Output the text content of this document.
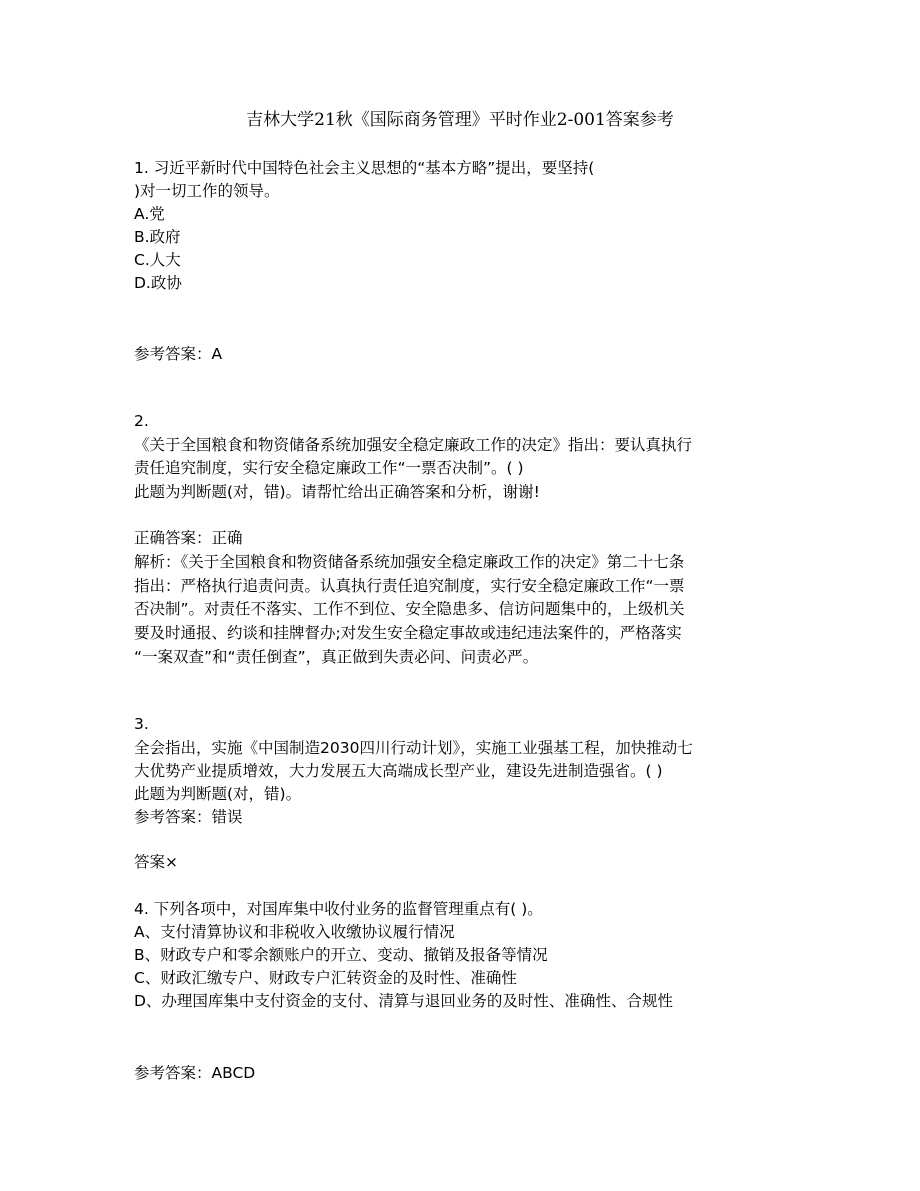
吉林大学21秋《国际商务管理》平时作业2-001答案参考
1. 习近平新时代中国特色社会主义思想的“基本方略”提出，要坚持(
)对一切工作的领导。
A.党
B.政府
C.人大
D.政协
参考答案：A
2.
《关于全国粮食和物资储备系统加强安全稳定廉政工作的决定》指出：要认真执行
责任追究制度，实行安全稳定廉政工作“一票否决制”。( )
此题为判断题(对，错)。请帮忙给出正确答案和分析，谢谢!
正确答案：正确
解析：《关于全国粮食和物资储备系统加强安全稳定廉政工作的决定》第二十七条
指出：严格执行追责问责。认真执行责任追究制度，实行安全稳定廉政工作“一票
否决制”。对责任不落实、工作不到位、安全隐患多、信访问题集中的，上级机关
要及时通报、约谈和挂牌督办;对发生安全稳定事故或违纪违法案件的，严格落实
“一案双查”和“责任倒查”，真正做到失责必问、问责必严。
3.
全会指出，实施《中国制造2030四川行动计划》，实施工业强基工程，加快推动七
大优势产业提质增效，大力发展五大高端成长型产业，建设先进制造强省。( )
此题为判断题(对，错)。
参考答案：错误
答案×
4. 下列各项中，对国库集中收付业务的监督管理重点有( )。
A、支付清算协议和非税收入收缴协议履行情况
B、财政专户和零余额账户的开立、变动、撤销及报备等情况
C、财政汇缴专户、财政专户汇转资金的及时性、准确性
D、办理国库集中支付资金的支付、清算与退回业务的及时性、准确性、合规性
参考答案：ABCD
